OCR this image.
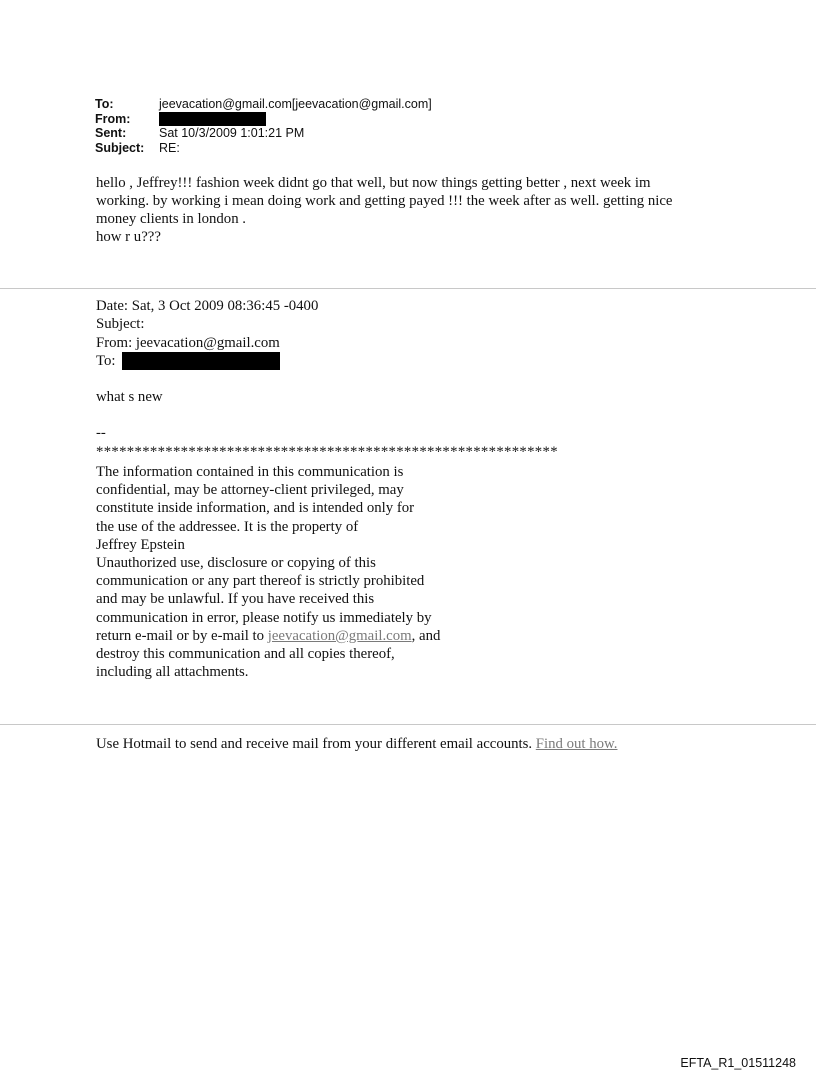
To:	jeevacation@gmail.com[jeevacation@gmail.com]
From:
Sent:	Sat 10/3/2009 1:01:21 PM
Subject:	RE:

hello , Jeffrey!!! fashion week didnt go that well, but now things getting better , next week im

working. by working i mean doing work and getting payed !!! the week after as well. getting nice

money clients in london .

how r u???

Date: Sat, 3 Oct 2009 08:36:45 -0400
Subject:
From: jeevacation@gmail.com
To:
what s new
--
************************************************************
The information contained in this communication is
confidential, may be attorney-client privileged, may
constitute inside information, and is intended only for
the use of the addressee. It is the property of
Jeffrey Epstein
Unauthorized use, disclosure or copying of this
communication or any part thereof is strictly prohibited
and may be unlawful. If you have received this
communication in error, please notify us immediately by
return e-mail or by e-mail to jeevacation@gmail.com, and
destroy this communication and all copies thereof,
including all attachments.
Use Hotmail to send and receive mail from your different email accounts. Find out how.
EFTA_R1_01511248
